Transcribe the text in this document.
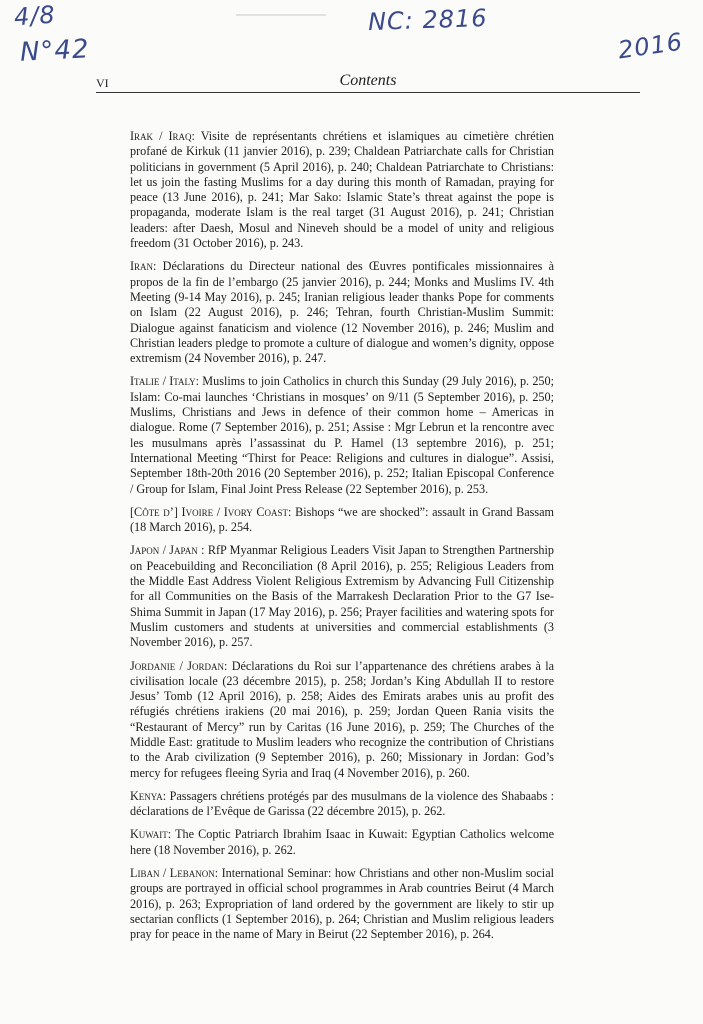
4/8
N°42
NC: 2816
2016
VI	Contents

Irak / Iraq: Visite de représentants chrétiens et islamiques au cimetière chrétien profané de Kirkuk (11 janvier 2016), p. 239; Chaldean Patriarchate calls for Christian politicians in government (5 April 2016), p. 240; Chaldean Patriarchate to Christians: let us join the fasting Muslims for a day during this month of Ramadan, praying for peace (13 June 2016), p. 241; Mar Sako: Islamic State’s threat against the pope is propaganda, moderate Islam is the real target (31 August 2016), p. 241; Christian leaders: after Daesh, Mosul and Nineveh should be a model of unity and religious freedom (31 October 2016), p. 243.

Iran: Déclarations du Directeur national des Œuvres pontificales missionnaires à propos de la fin de l’embargo (25 janvier 2016), p. 244; Monks and Muslims IV. 4th Meeting (9-14 May 2016), p. 245; Iranian religious leader thanks Pope for comments on Islam (22 August 2016), p. 246; Tehran, fourth Christian-Muslim Summit: Dialogue against fanaticism and violence (12 November 2016), p. 246; Muslim and Christian leaders pledge to promote a culture of dialogue and women’s dignity, oppose extremism (24 November 2016), p. 247.

Italie / Italy: Muslims to join Catholics in church this Sunday (29 July 2016), p. 250; Islam: Co-mai launches ‘Christians in mosques’ on 9/11 (5 September 2016), p. 250; Muslims, Christians and Jews in defence of their common home – Americas in dialogue. Rome (7 September 2016), p. 251; Assise : Mgr Lebrun et la rencontre avec les musulmans après l’assassinat du P. Hamel (13 septembre 2016), p. 251; International Meeting “Thirst for Peace: Religions and cultures in dialogue”. Assisi, September 18th-20th 2016 (20 September 2016), p. 252; Italian Episcopal Conference / Group for Islam, Final Joint Press Release (22 September 2016), p. 253.

[Côte d’] Ivoire / Ivory Coast: Bishops “we are shocked”: assault in Grand Bassam (18 March 2016), p. 254.

Japon / Japan : RfP Myanmar Religious Leaders Visit Japan to Strengthen Partnership on Peacebuilding and Reconciliation (8 April 2016), p. 255; Religious Leaders from the Middle East Address Violent Religious Extremism by Advancing Full Citizenship for all Communities on the Basis of the Marrakesh Declaration Prior to the G7 Ise-Shima Summit in Japan (17 May 2016), p. 256; Prayer facilities and watering spots for Muslim customers and students at universities and commercial establishments (3 November 2016), p. 257.

Jordanie / Jordan: Déclarations du Roi sur l’appartenance des chrétiens arabes à la civilisation locale (23 décembre 2015), p. 258; Jordan’s King Abdullah II to restore Jesus’ Tomb (12 April 2016), p. 258; Aides des Emirats arabes unis au profit des réfugiés chrétiens irakiens (20 mai 2016), p. 259; Jordan Queen Rania visits the “Restaurant of Mercy” run by Caritas (16 June 2016), p. 259; The Churches of the Middle East: gratitude to Muslim leaders who recognize the contribution of Christians to the Arab civilization (9 September 2016), p. 260; Missionary in Jordan: God’s mercy for refugees fleeing Syria and Iraq (4 November 2016), p. 260.

Kenya: Passagers chrétiens protégés par des musulmans de la violence des Shabaabs : déclarations de l’Evêque de Garissa (22 décembre 2015), p. 262.

Kuwait: The Coptic Patriarch Ibrahim Isaac in Kuwait: Egyptian Catholics welcome here (18 November 2016), p. 262.

Liban / Lebanon: International Seminar: how Christians and other non-Muslim social groups are portrayed in official school programmes in Arab countries Beirut (4 March 2016), p. 263; Expropriation of land ordered by the government are likely to stir up sectarian conflicts (1 September 2016), p. 264; Christian and Muslim religious leaders pray for peace in the name of Mary in Beirut (22 September 2016), p. 264.
